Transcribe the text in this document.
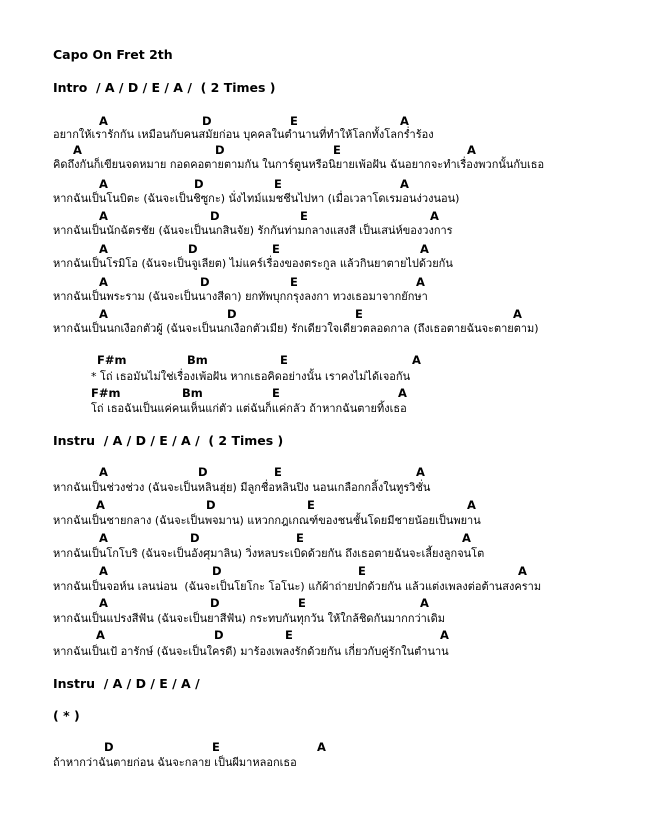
Capo On Fret 2th
Intro  / A / D / E / A /  ( 2 Times )
A	D	E	A
อยากให้เรารักกัน เหมือนกับคนสมัยก่อน บุคคลในตำนานที่ทำให้โลกทั้งโลกร่ำร้อง
A	D	E	A
คิดถึงกันก็เขียนจดหมาย กอดคอตายตามกัน ในการ์ตูนหรือนิยายเพ้อฝัน ฉันอยากจะทำเรื่องพวกนั้นกับเธอ
A	D	E	A
หากฉันเป็นโนบิตะ (ฉันจะเป็นชิซูกะ) นั่งไทม์แมชชีนไปหา (เมื่อเวลาโดเรมอนง่วงนอน)
A	D	E	A
หากฉันเป็นนักฉัตรชัย (ฉันจะเป็นนกสินจัย) รักกันท่ามกลางแสงสี เป็นเสน่ห์ของวงการ
A	D	E	A
หากฉันเป็นโรมิโอ (ฉันจะเป็นจูเลียต) ไม่แคร์เรื่องของตระกูล แล้วกินยาตายไปด้วยกัน
A	D	E	A
หากฉันเป็นพระราม (ฉันจะเป็นนางสีดา) ยกทัพบุกกรุงลงกา ทวงเธอมาจากยักษา
A	D	E	A
หากฉันเป็นนกเงือกตัวผู้ (ฉันจะเป็นนกเงือกตัวเมีย) รักเดียวใจเดียวตลอดกาล (ถึงเธอตายฉันจะตายตาม)
F#m	Bm	E	A
* โถ่ เธอมันไม่ใช่เรื่องเพ้อฝัน หากเธอคิดอย่างนั้น เราคงไม่ได้เจอกัน
F#m	Bm	E	A
โถ่ เธอฉันเป็นแค่คนเห็นแก่ตัว แต่ฉันก็แค่กลัว ถ้าหากฉันตายทิ้งเธอ
Instru  / A / D / E / A /  ( 2 Times )
A	D	E	A
หากฉันเป็นช่วงช่วง (ฉันจะเป็นหลินฮุ่ย) มีลูกชื่อหลินปิง นอนเกลือกกลิ้งในทูรวิชั่น
A	D	E	A
หากฉันเป็นชายกลาง (ฉันจะเป็นพจมาน) แหวกกฎเกณฑ์ของชนชั้นโดยมีชายน้อยเป็นพยาน
A	D	E	A
หากฉันเป็นโกโบริ (ฉันจะเป็นอังศุมาลิน) วิ่งหลบระเบิดด้วยกัน ถึงเธอตายฉันจะเลี้ยงลูกจนโต
A	D	E	A
หากฉันเป็นจอห์น เลนน่อน  (ฉันจะเป็นโยโกะ โอโนะ) แก้ผ้าถ่ายปกด้วยกัน แล้วแต่งเพลงต่อต้านสงคราม
A	D	E	A
หากฉันเป็นแปรงสีฟัน (ฉันจะเป็นยาสีฟัน) กระทบกันทุกวัน ให้ใกล้ชิดกันมากกว่าเดิม
A	D	E	A
หากฉันเป็นเป้ อารักษ์ (ฉันจะเป็นใครดี) มาร้องเพลงรักด้วยกัน เกี่ยวกับคู่รักในตำนาน
Instru  / A / D / E / A /
( * )
D	E	A
ถ้าหากว่าฉันตายก่อน ฉันจะกลาย เป็นผีมาหลอกเธอ
